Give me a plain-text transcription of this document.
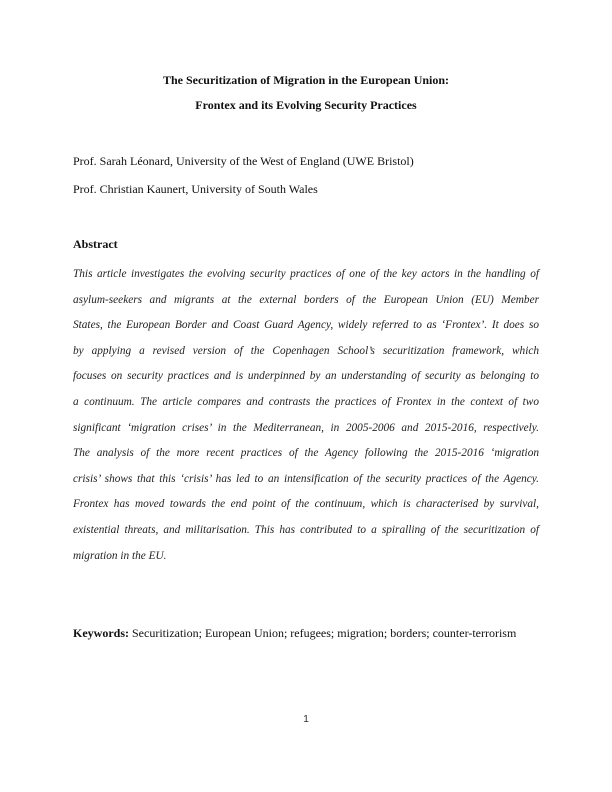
The Securitization of Migration in the European Union:
Frontex and its Evolving Security Practices
Prof. Sarah Léonard, University of the West of England (UWE Bristol)
Prof. Christian Kaunert, University of South Wales
Abstract
This article investigates the evolving security practices of one of the key actors in the handling of
asylum-seekers and migrants at the external borders of the European Union (EU) Member
States, the European Border and Coast Guard Agency, widely referred to as ‘Frontex’. It does so
by applying a revised version of the Copenhagen School’s securitization framework, which
focuses on security practices and is underpinned by an understanding of security as belonging to
a continuum. The article compares and contrasts the practices of Frontex in the context of two
significant ‘migration crises’ in the Mediterranean, in 2005-2006 and 2015-2016, respectively.
The analysis of the more recent practices of the Agency following the 2015-2016 ‘migration
crisis’ shows that this ‘crisis’ has led to an intensification of the security practices of the Agency.
Frontex has moved towards the end point of the continuum, which is characterised by survival,
existential threats, and militarisation. This has contributed to a spiralling of the securitization of
migration in the EU.
Keywords: Securitization; European Union; refugees; migration; borders; counter-terrorism
1
